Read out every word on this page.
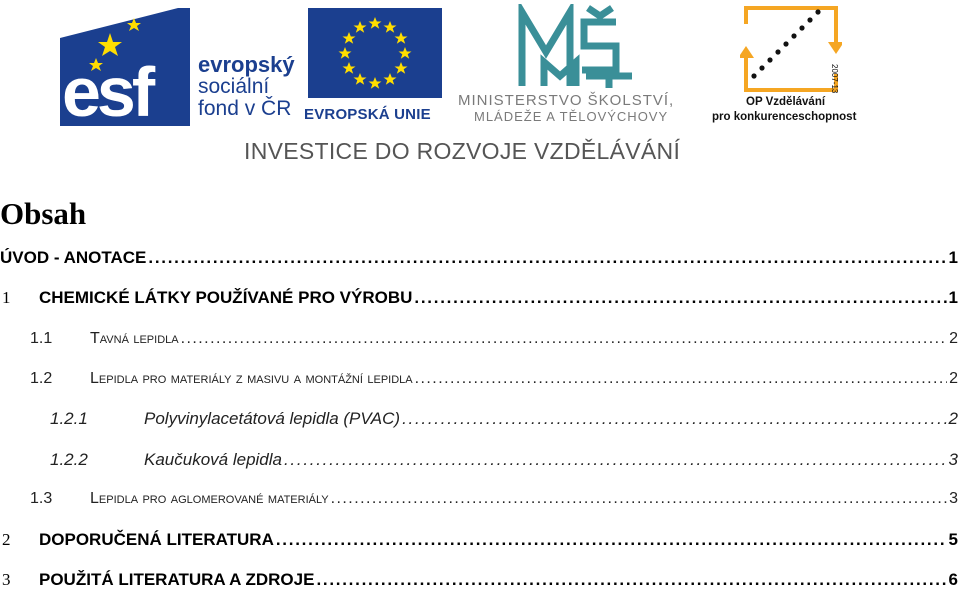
esf evropský
sociální
fond v ČR EVROPSKÁ UNIE
MINISTERSTVO ŠKOLSTVÍ,
MLÁDEŽE A TĚLOVÝCHOVY
2007-13
OP Vzdělávání
pro konkurenceschopnost
INVESTICE DO ROZVOJE VZDĚLÁVÁNÍ
Obsah
ÚVOD - ANOTACE . . .	1
1	CHEMICKÉ LÁTKY POUŽÍVANÉ PRO VÝROBU . . .	1
1.1	Tavná lepidla . . .	2
1.2	Lepidla pro materiály z masivu a montážní lepidla . . .	2
1.2.1	Polyvinylacetátová lepidla (PVAC) . . .	2
1.2.2	Kaučuková lepidla . . .	3
1.3	Lepidla pro aglomerované materiály . . .	3
2	DOPORUČENÁ LITERATURA . . .	5
3	POUŽITÁ LITERATURA A ZDROJE . . .	6
